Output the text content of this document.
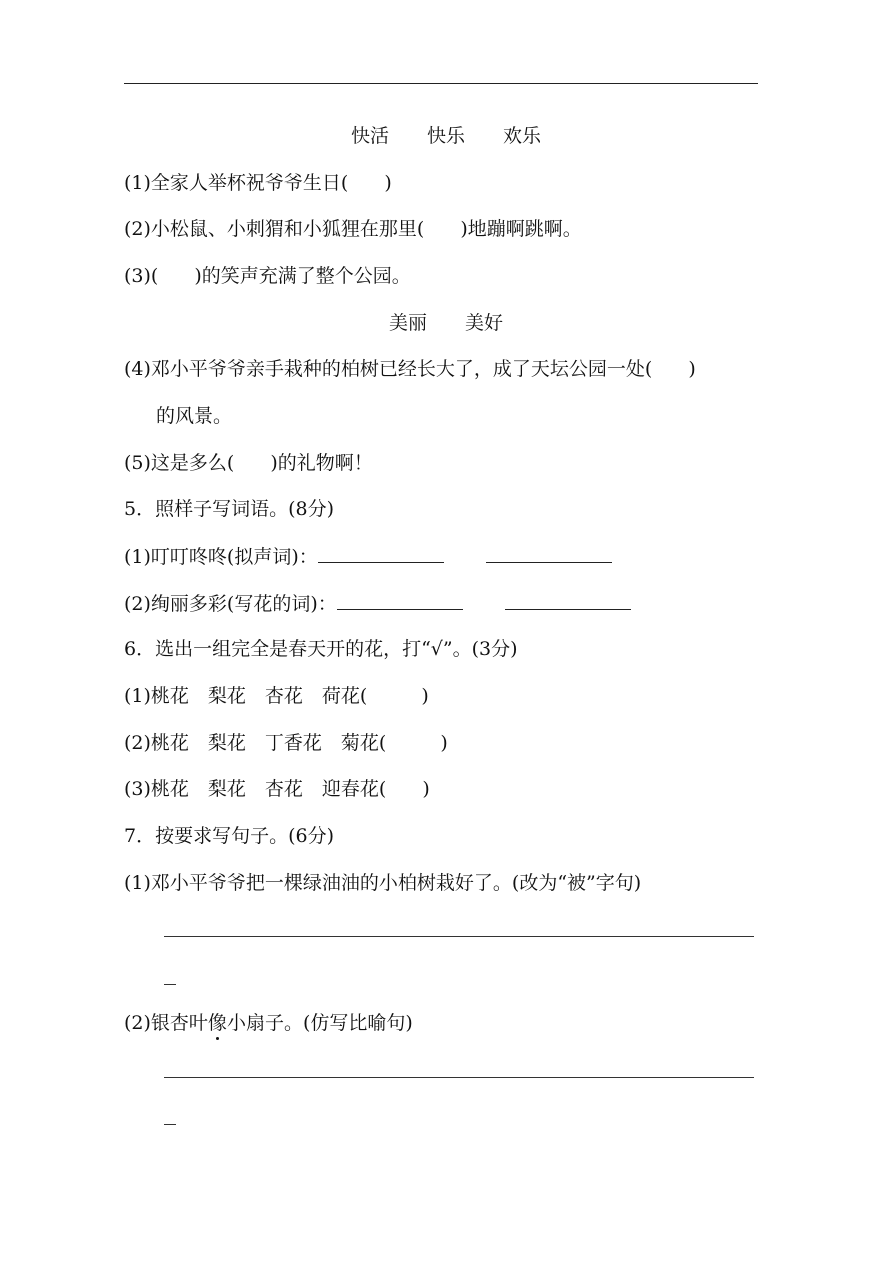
快活　　快乐　　欢乐
(1)全家人举杯祝爷爷生日( )
(2)小松鼠、小刺猬和小狐狸在那里( )地蹦啊跳啊。
(3)( )的笑声充满了整个公园。
美丽　　美好
(4)邓小平爷爷亲手栽种的柏树已经长大了，成了天坛公园一处( )
的风景。
(5)这是多么( )的礼物啊！
5．照样子写词语。(8分)
(1)叮叮咚咚(拟声词)：
(2)绚丽多彩(写花的词)：
6．选出一组完全是春天开的花，打“√”。(3分)
(1)桃花　梨花　杏花　荷花(	)
(2)桃花　梨花　丁香花　菊花(	)
(3)桃花　梨花　杏花　迎春花( )
7．按要求写句子。(6分)
(1)邓小平爷爷把一棵绿油油的小柏树栽好了。(改为“被”字句)
(2)银杏叶像小扇子。(仿写比喻句)
